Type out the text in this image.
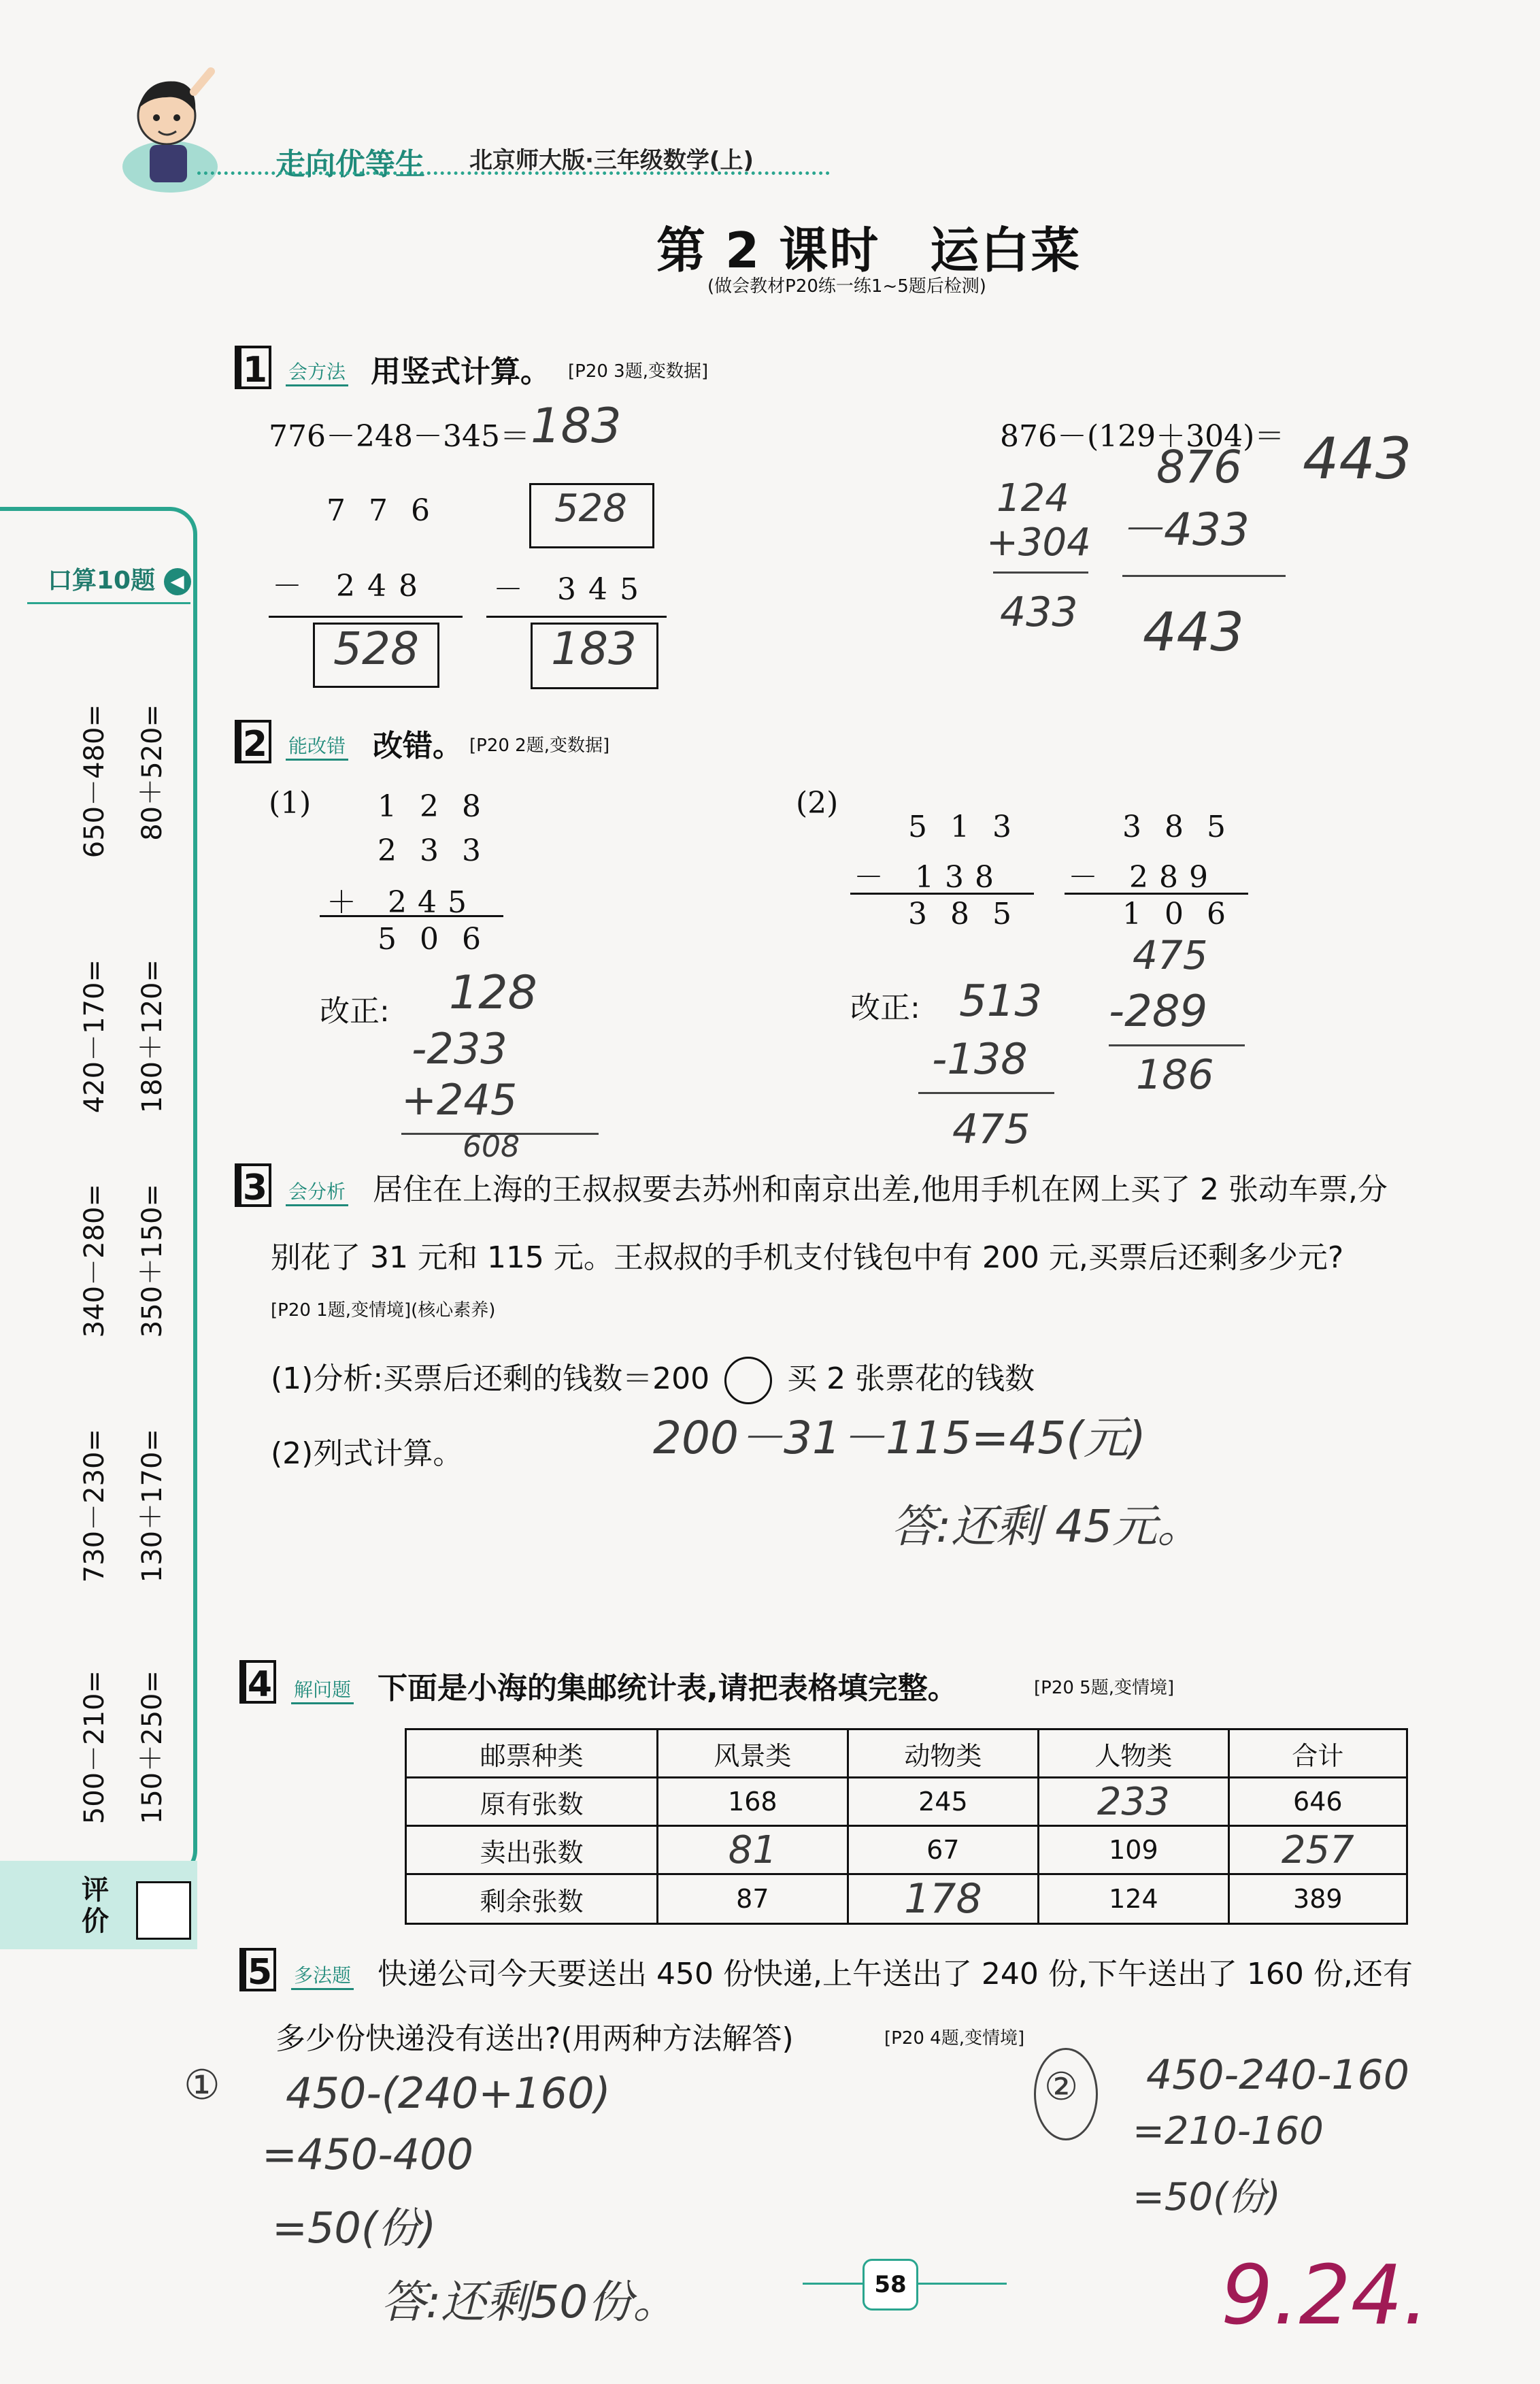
走向优等生 北京师大版·三年级数学(上)
第 2 课时　运白菜
(做会教材P20练一练1~5题后检测)
口算10题 ◀
650－480=
420－170=
340－280=
730－230=
500－210=
80＋520=
180＋120=
350＋150=
130＋170=
150＋250=
评价
1 会方法 用竖式计算。 [P20 3题,变数据]
776－248－345＝ 183
776
－ 248
528
528
－ 345
183
876－(129＋304)＝ 443
124
+304
433
876
－433
443
2 能改错 改错。 [P20 2题,变数据]
(1) 128
233
＋ 245
506
改正: 128
-233
+245
608
(2)
513
－ 138
385
385
－ 289
106
改正: 513
-138
475
475
-289
186
3 会分析 居住在上海的王叔叔要去苏州和南京出差,他用手机在网上买了 2 张动车票,分
别花了 31 元和 115 元。王叔叔的手机支付钱包中有 200 元,买票后还剩多少元?
[P20 1题,变情境](核心素养)
(1)分析:买票后还剩的钱数＝200	买 2 张票花的钱数
(2)列式计算。	200－31－115=45(元)
答:还剩 45元。
4 解问题 下面是小海的集邮统计表,请把表格填完整。	[P20 5题,变情境]
邮票种类	风景类	动物类	人物类	合计
原有张数	168	245	233	646
卖出张数	81	67	109	257
剩余张数	87	178	124	389
5 多法题 快递公司今天要送出 450 份快递,上午送出了 240 份,下午送出了 160 份,还有
多少份快递没有送出?(用两种方法解答)	[P20 4题,变情境]
① 450-(240+160)
=450-400
=50(份)
② 450-240-160
=210-160
=50(份)
答:还剩50份。	9.24.
58
